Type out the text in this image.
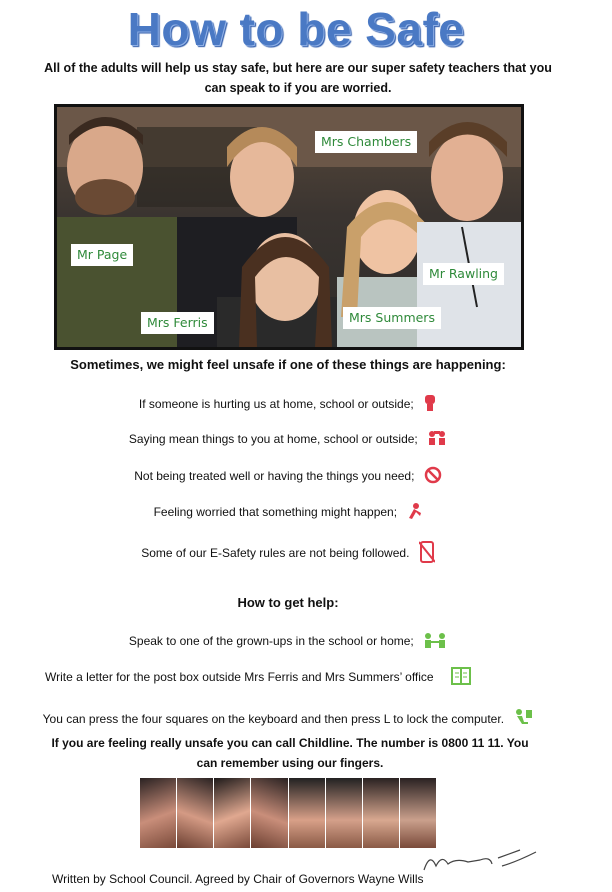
How to be Safe
All of the adults will help us stay safe, but here are our super safety teachers that you can speak to if you are worried.
Mrs Chambers
Mr Page
Mr Rawling
Mrs Ferris	Mrs Summers
Sometimes, we might feel unsafe if one of these things are happening:
If someone is hurting us at home, school or outside;
Saying mean things to you at home, school or outside;
Not being treated well or having the things you need;
Feeling worried that something might happen;
Some of our E-Safety rules are not being followed.
How to get help:
Speak to one of the grown-ups in the school or home;
Write a letter for the post box outside Mrs Ferris and Mrs Summers’ office
You can press the four squares on the keyboard and then press L to lock the computer.
If you are feeling really unsafe you can call Childline. The number is 0800 11 11. You can remember using our fingers.
Written by School Council. Agreed by Chair of Governors Wayne Wills
